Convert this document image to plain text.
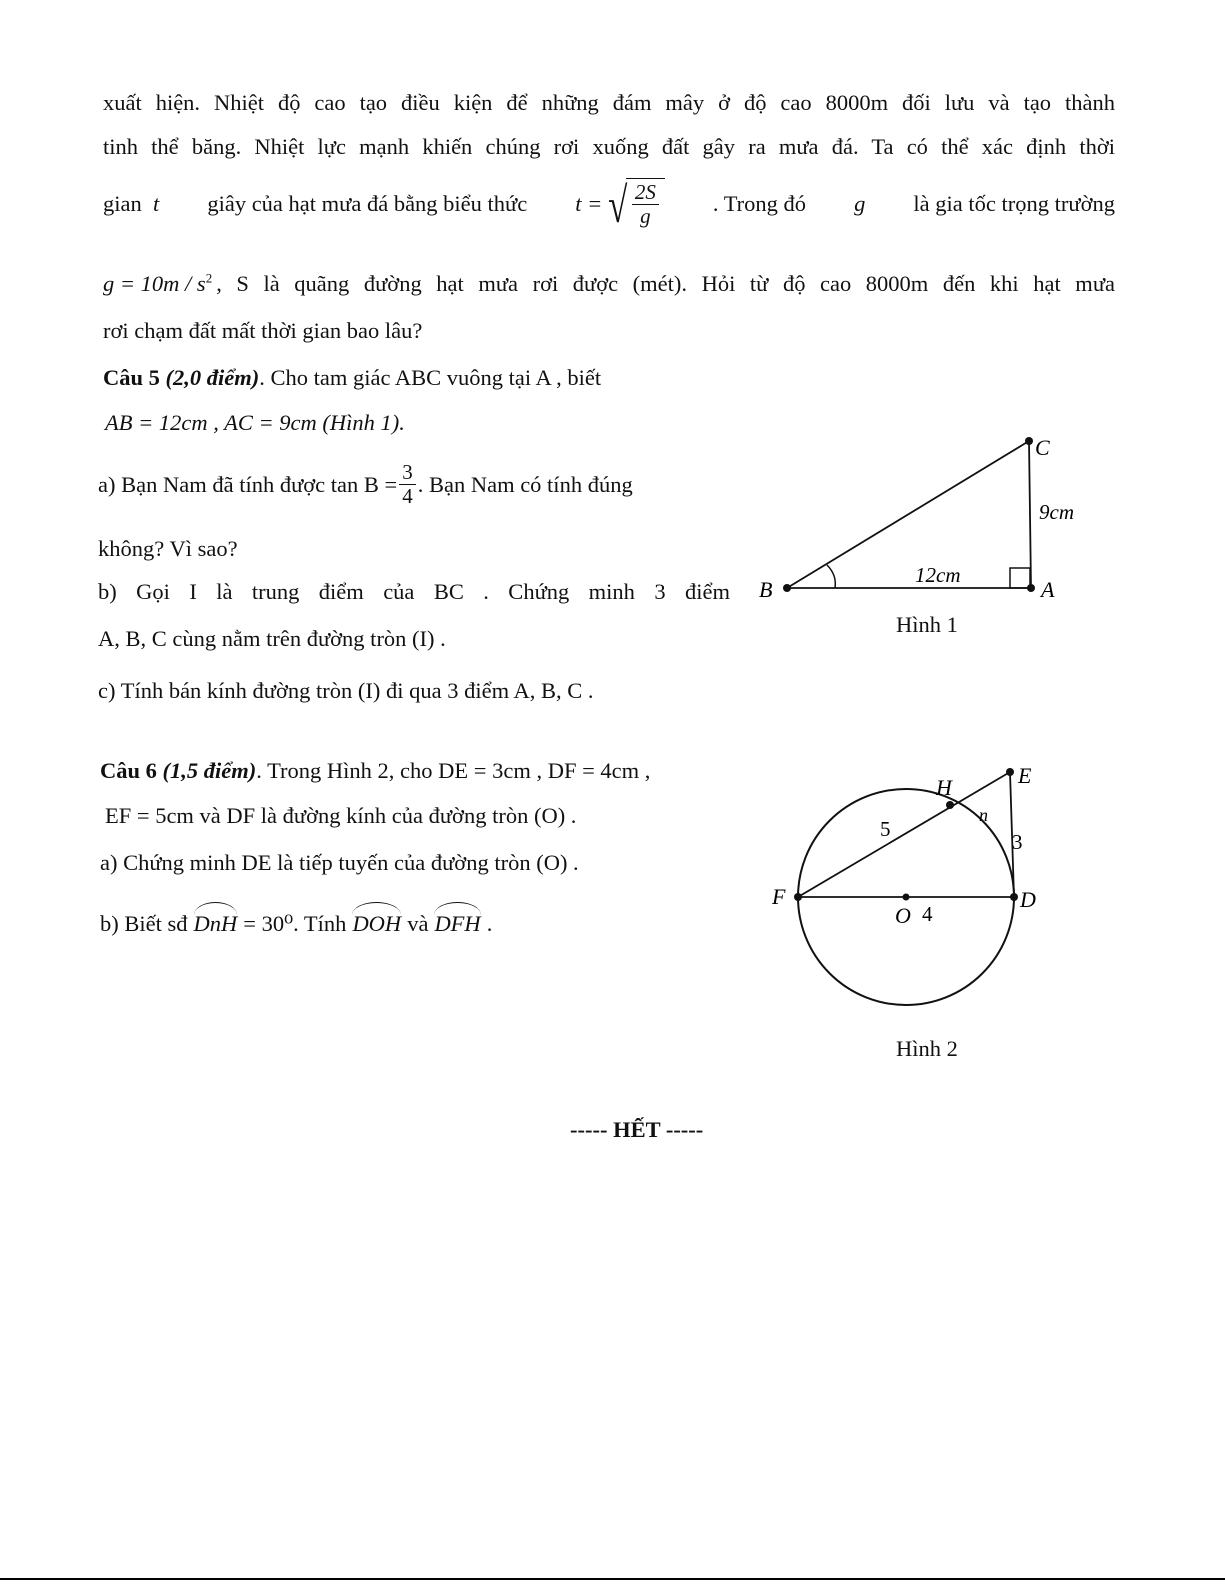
xuất hiện. Nhiệt độ cao tạo điều kiện để những đám mây ở độ cao 8000m đối lưu và tạo thành
tinh thể băng. Nhiệt lực mạnh khiến chúng rơi xuống đất gây ra mưa đá. Ta có thể xác định thời
gian t giây của hạt mưa đá bằng biểu thức t = √ $\frac{2S}{g}$ . Trong đó g là gia tốc trọng trường
$g = 10m / s^2$ , S là quãng đường hạt mưa rơi được (mét). Hỏi từ độ cao 8000m đến khi hạt mưa
rơi chạm đất mất thời gian bao lâu?
Câu 5 (2,0 điểm). Cho tam giác ABC vuông tại A , biết
AB = 12cm , AC = 9cm (Hình 1).
a) Bạn Nam đã tính được $\tan B = \frac{3}{4}$ . Bạn Nam có tính đúng
không? Vì sao?
b) Gọi I là trung điểm của BC . Chứng minh 3 điểm
A, B, C cùng nằm trên đường tròn (I) .
c) Tính bán kính đường tròn (I) đi qua 3 điểm A, B, C .
C
B	A
9cm
12cm
Hình 1
Câu 6 (1,5 điểm). Trong Hình 2, cho DE = 3cm , DF = 4cm ,
EF = 5cm và DF là đường kính của đường tròn (O) .
a) Chứng minh DE là tiếp tuyến của đường tròn (O) .
b) Biết sđ DnH = 30⁰. Tính DOH và DFH .
H	E
n
F	D
O
5
3
4
Hình 2
----- HẾT -----
